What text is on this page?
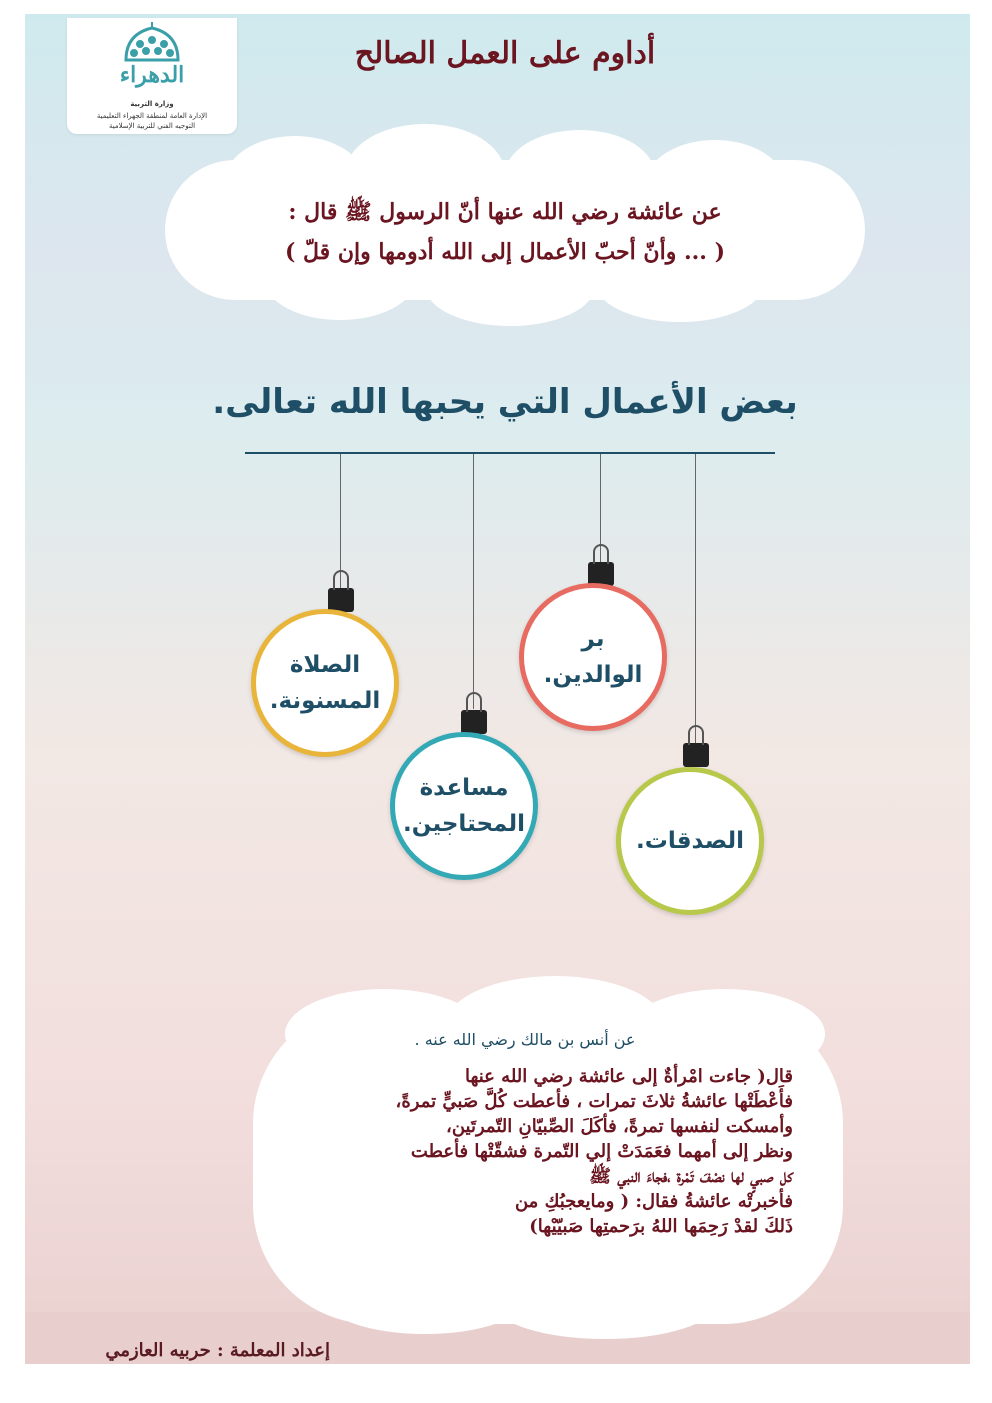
الدهراء
وزارة التربية
الإدارة العامة لمنطقة الجهراء التعليمية
التوجيه الفني للتربية الإسلامية
أداوم على العمل الصالح
عن عائشة رضي الله عنها أنّ الرسول ﷺ قال :
( ... وأنّ أحبّ الأعمال إلى الله أدومها وإن قلّ )
بعض الأعمال التي يحبها الله تعالى.
الصلاة
المسنونة.
بر
الوالدين.
مساعدة
المحتاجين.
الصدقات.
عن أنس بن مالك رضي الله عنه .
قال( جاءت امْرأةٌ إلى عائشة رضي الله عنها
فأَعْطَتْها عائشةُ ثلاثَ تمرات ، فأعطت كُلَّ صَبيٍّ تمرةً،
وأمسكت لنفسها تمرةً، فأكَلَ الصِّبيّانِ التّمرتَين،
ونظر إلى أمهما فعَمَدَتْ إلي التّمرة فشقّتْها فأعطت
كل صبيٍ لها نصْفَ تَمْرة ،فجاءَ النبي ﷺ
فأخبرتْه عائشةُ فقال: ( ومايعجبُكِ من
ذَلكَ لقدْ رَحِمَها اللهُ برَحمتِها صَبيّيْها)
إعداد المعلمة : حربيه العازمي
